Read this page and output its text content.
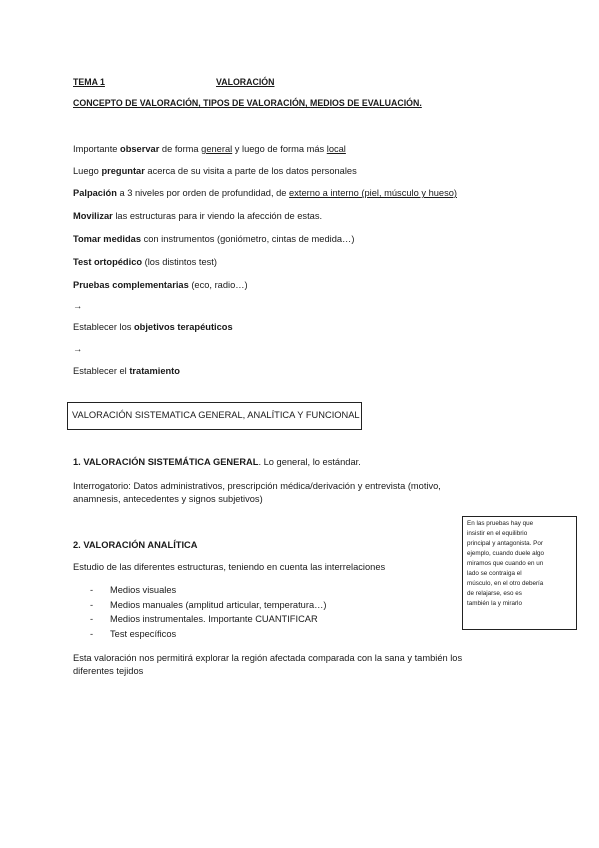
TEMA 1	VALORACIÓN
CONCEPTO DE VALORACIÓN, TIPOS DE VALORACIÓN, MEDIOS DE EVALUACIÓN.
Importante observar de forma general y luego de forma más local
Luego preguntar acerca de su visita a parte de los datos personales
Palpación a 3 niveles por orden de profundidad, de externo a interno (piel, músculo y hueso)
Movilizar las estructuras para ir viendo la afección de estas.
Tomar medidas con instrumentos (goniómetro, cintas de medida…)
Test ortopédico (los distintos test)
Pruebas complementarias (eco, radio…)
→
Establecer los objetivos terapéuticos
→
Establecer el tratamiento
VALORACIÓN SISTEMATICA GENERAL, ANALÍTICA Y FUNCIONAL
1. VALORACIÓN SISTEMÁTICA GENERAL. Lo general, lo estándar.
Interrogatorio: Datos administrativos, prescripción médica/derivación y entrevista (motivo,
anamnesis, antecedentes y signos subjetivos)
2. VALORACIÓN ANALÍTICA
Estudio de las diferentes estructuras, teniendo en cuenta las interrelaciones
- Medios visuales
- Medios manuales (amplitud articular, temperatura…)
- Medios instrumentales. Importante CUANTIFICAR
- Test específicos
Esta valoración nos permitirá explorar la región afectada comparada con la sana y también los
diferentes tejidos
En las pruebas hay que
insistir en el equilibrio
principal y antagonista. Por
ejemplo, cuando duele algo
miramos que cuando en un
lado se contraiga el
músculo, en el otro debería
de relajarse, eso es
también la y mirarlo
